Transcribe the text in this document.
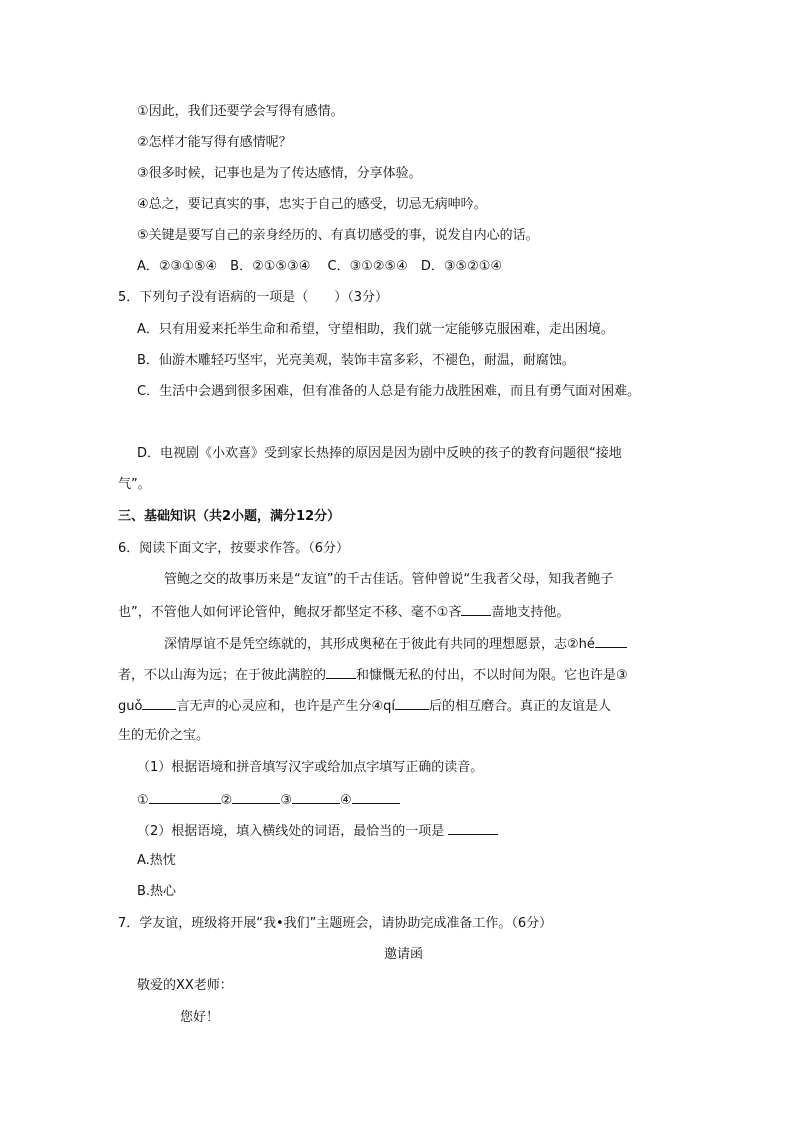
①因此，我们还要学会写得有感情。
②怎样才能写得有感情呢？
③很多时候，记事也是为了传达感情，分享体验。
④总之，要记真实的事，忠实于自己的感受，切忌无病呻吟。
⑤关键是要写自己的亲身经历的、有真切感受的事，说发自内心的话。
A．②③①⑤④　B．②①⑤③④　 C．③①②⑤④　D．③⑤②①④
5．下列句子没有语病的一项是（　　）（3分）
A．只有用爱来托举生命和希望，守望相助，我们就一定能够克服困难，走出困境。
B．仙游木雕轻巧坚牢，光亮美观，装饰丰富多彩，不褪色，耐温，耐腐蚀。
C．生活中会遇到很多困难，但有准备的人总是有能力战胜困难，而且有勇气面对困难。
D．电视剧《小欢喜》受到家长热捧的原因是因为剧中反映的孩子的教育问题很“接地
气”。
三、基础知识（共2小题，满分12分）
6．阅读下面文字，按要求作答。（6分）
管鲍之交的故事历来是“友谊”的千古佳话。管仲曾说“生我者父母，知我者鲍子
也”，不管他人如何评论管仲，鲍叔牙都坚定不移、毫不①吝 啬地支持他。
深情厚谊不是凭空练就的，其形成奥秘在于彼此有共同的理想愿景，志②hé
者，不以山海为远；在于彼此满腔的 和慷慨无私的付出，不以时间为限。它也许是③
guǒ	言无声的心灵应和，也许是产生分④qí	后的相互磨合。真正的友谊是人
生的无价之宝。
（1）根据语境和拼音填写汉字或给加点字填写正确的读音。
①	②	③	④
（2）根据语境，填入横线处的词语，最恰当的一项是
A.热忱
B.热心
7．学友谊，班级将开展“我•我们”主题班会，请协助完成准备工作。（6分）
邀请函
敬爱的XX老师：
您好！
